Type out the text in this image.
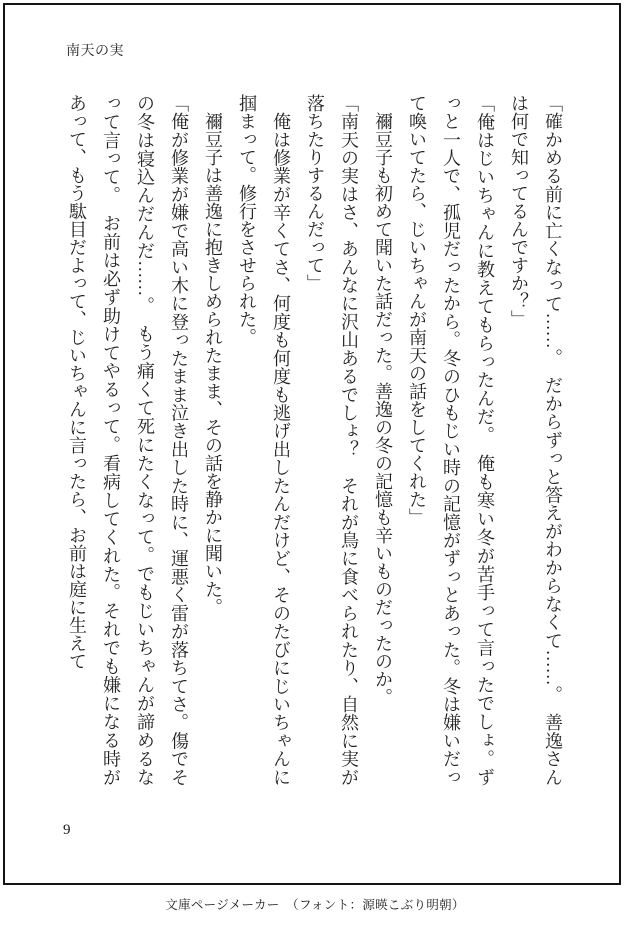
南天の実

「確かめる前に亡くなって……。　だからずっと答えがわからなくて……。　善逸さんは何で知ってるんですか？」

「俺はじいちゃんに教えてもらったんだ。　俺も寒い冬が苦手って言ったでしょ。ずっと一人で、孤児だったから。冬のひもじい時の記憶がずっとあった。冬は嫌いだって喚いてたら、じいちゃんが南天の話をしてくれた」

　禰豆子も初めて聞いた話だった。善逸の冬の記憶も辛いものだったのか。

「南天の実はさ、あんなに沢山あるでしょ？　それが鳥に食べられたり、自然に実が落ちたりするんだって」

　俺は修業が辛くてさ、何度も何度も逃げ出したんだけど、そのたびにじいちゃんに掴まって。修行をさせられた。

　禰豆子は善逸に抱きしめられたまま、その話を静かに聞いた。

「俺が修業が嫌で高い木に登ったまま泣き出した時に、運悪く雷が落ちてさ。傷でその冬は寝込んだんだ……。　もう痛くて死にたくなって。でもじいちゃんが諦めるなって言って。　お前は必ず助けてやるって。看病してくれた。それでも嫌になる時があって、もう駄目だよって、じいちゃんに言ったら、お前は庭に生えて

9
文庫ページメーカー　（フォント：源暎こぶり明朝）
